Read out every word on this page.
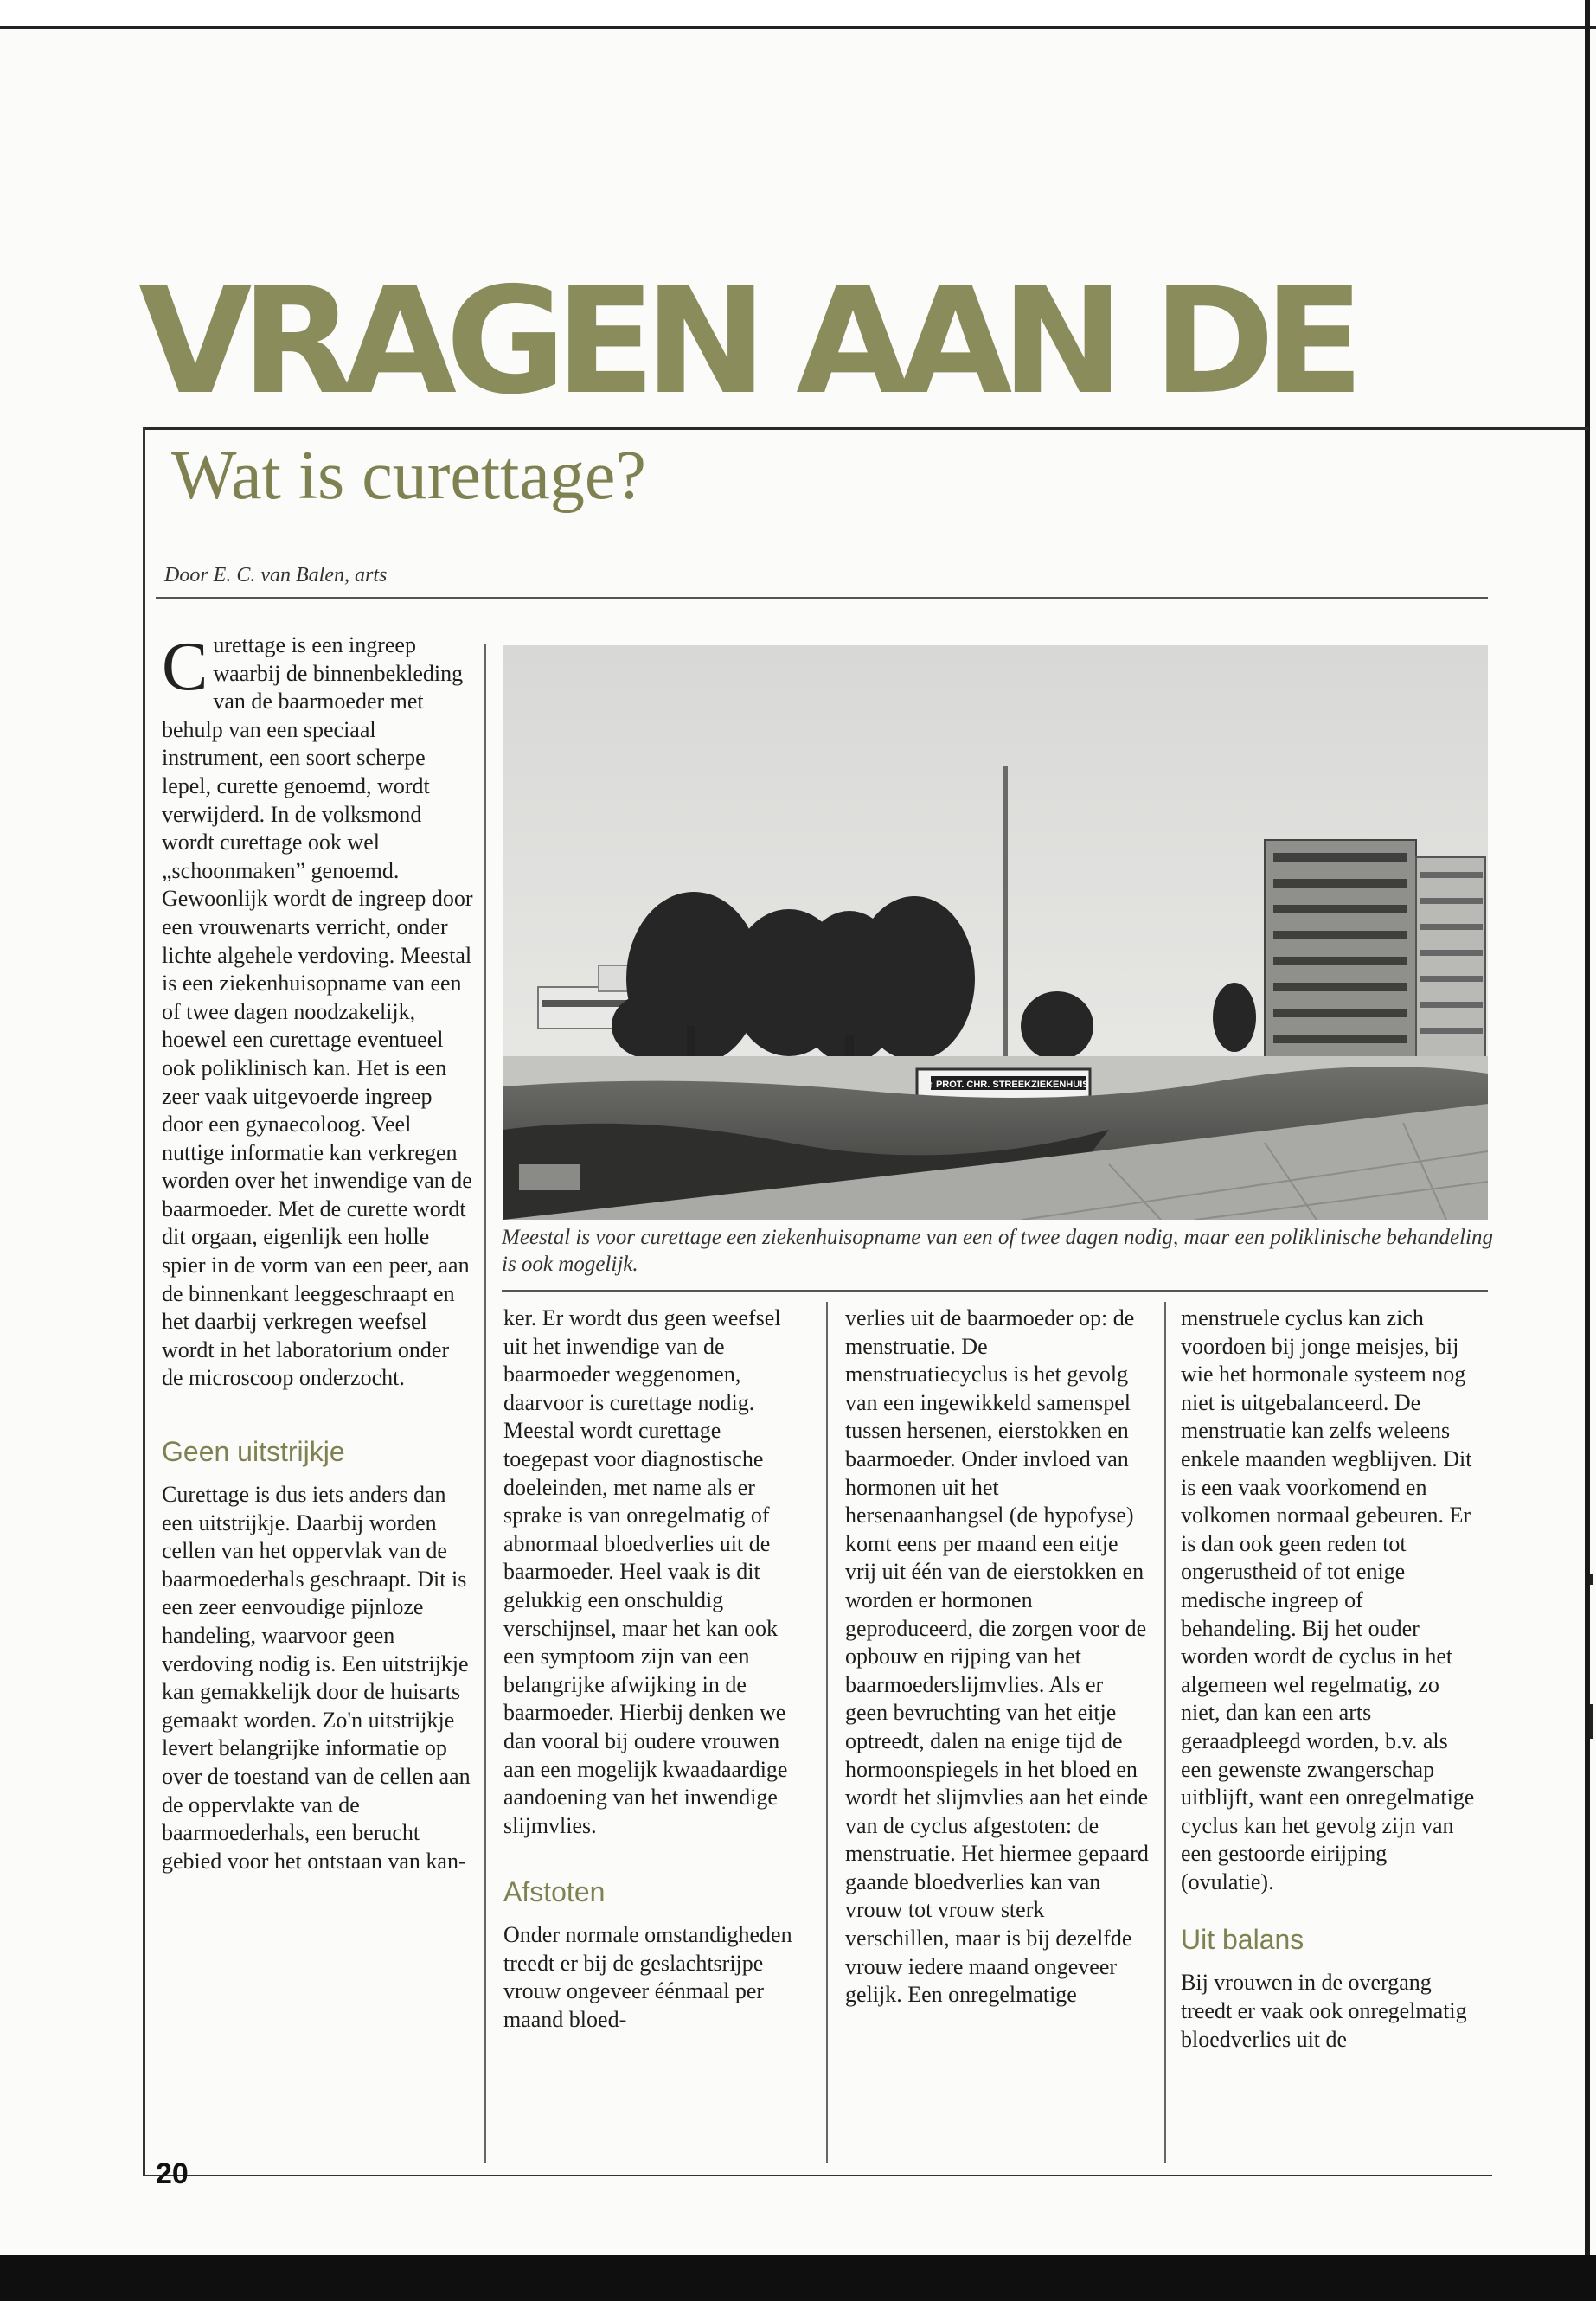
VRAGEN AAN DE
Wat is curettage?
Door E. C. van Balen, arts
C urettage is een ingreep waarbij de binnenbekleding van de baarmoeder met behulp van een speciaal instrument, een soort scherpe lepel, curette genoemd, wordt verwijderd. In de volksmond wordt curettage ook wel „schoonmaken” genoemd. Gewoonlijk wordt de ingreep door een vrouwenarts verricht, onder lichte algehele verdoving. Meestal is een ziekenhuisopname van een of twee dagen noodzakelijk, hoewel een curettage eventueel ook poliklinisch kan. Het is een zeer vaak uitgevoerde ingreep door een gynaecoloog. Veel nuttige informatie kan verkregen worden over het inwendige van de baarmoeder. Met de curette wordt dit orgaan, eigenlijk een holle spier in de vorm van een peer, aan de binnenkant leeggeschraapt en het daarbij verkregen weefsel wordt in het laboratorium onder de microscoop onderzocht.
Geen uitstrijkje
Curettage is dus iets anders dan een uitstrijkje. Daarbij worden cellen van het oppervlak van de baarmoederhals geschraapt. Dit is een zeer eenvoudige pijnloze handeling, waarvoor geen verdoving nodig is. Een uitstrijkje kan gemakkelijk door de huisarts gemaakt worden. Zo'n uitstrijkje levert belangrijke informatie op over de toestand van de cellen aan de oppervlakte van de baarmoederhals, een berucht gebied voor het ontstaan van kan-
↑ PROT. CHR. STREEKZIEKENHUIS
Meestal is voor curettage een ziekenhuisopname van een of twee dagen nodig, maar een poliklinische behandeling is ook mogelijk.
ker. Er wordt dus geen weefsel uit het inwendige van de baarmoeder weggenomen, daarvoor is curettage nodig. Meestal wordt curettage toegepast voor diagnostische doeleinden, met name als er sprake is van onregelmatig of abnormaal bloedverlies uit de baarmoeder. Heel vaak is dit gelukkig een onschuldig verschijnsel, maar het kan ook een symptoom zijn van een belangrijke afwijking in de baarmoeder. Hierbij denken we dan vooral bij oudere vrouwen aan een mogelijk kwaadaardige aandoening van het inwendige slijmvlies.
Afstoten
Onder normale omstandigheden treedt er bij de geslachtsrijpe vrouw ongeveer éénmaal per maand bloed-
verlies uit de baarmoeder op: de menstruatie. De menstruatiecyclus is het gevolg van een ingewikkeld samenspel tussen hersenen, eierstokken en baarmoeder. Onder invloed van hormonen uit het hersenaanhangsel (de hypofyse) komt eens per maand een eitje vrij uit één van de eierstokken en worden er hormonen geproduceerd, die zorgen voor de opbouw en rijping van het baarmoederslijmvlies. Als er geen bevruchting van het eitje optreedt, dalen na enige tijd de hormoonspiegels in het bloed en wordt het slijmvlies aan het einde van de cyclus afgestoten: de menstruatie. Het hiermee gepaard gaande bloedverlies kan van vrouw tot vrouw sterk verschillen, maar is bij dezelfde vrouw iedere maand ongeveer gelijk. Een onregelmatige
menstruele cyclus kan zich voordoen bij jonge meisjes, bij wie het hormonale systeem nog niet is uitgebalanceerd. De menstruatie kan zelfs weleens enkele maanden wegblijven. Dit is een vaak voorkomend en volkomen normaal gebeuren. Er is dan ook geen reden tot ongerustheid of tot enige medische ingreep of behandeling. Bij het ouder worden wordt de cyclus in het algemeen wel regelmatig, zo niet, dan kan een arts geraadpleegd worden, b.v. als een gewenste zwangerschap uitblijft, want een onregelmatige cyclus kan het gevolg zijn van een gestoorde eirijping (ovulatie).
Uit balans
Bij vrouwen in de overgang treedt er vaak ook onregelmatig bloedverlies uit de
20
